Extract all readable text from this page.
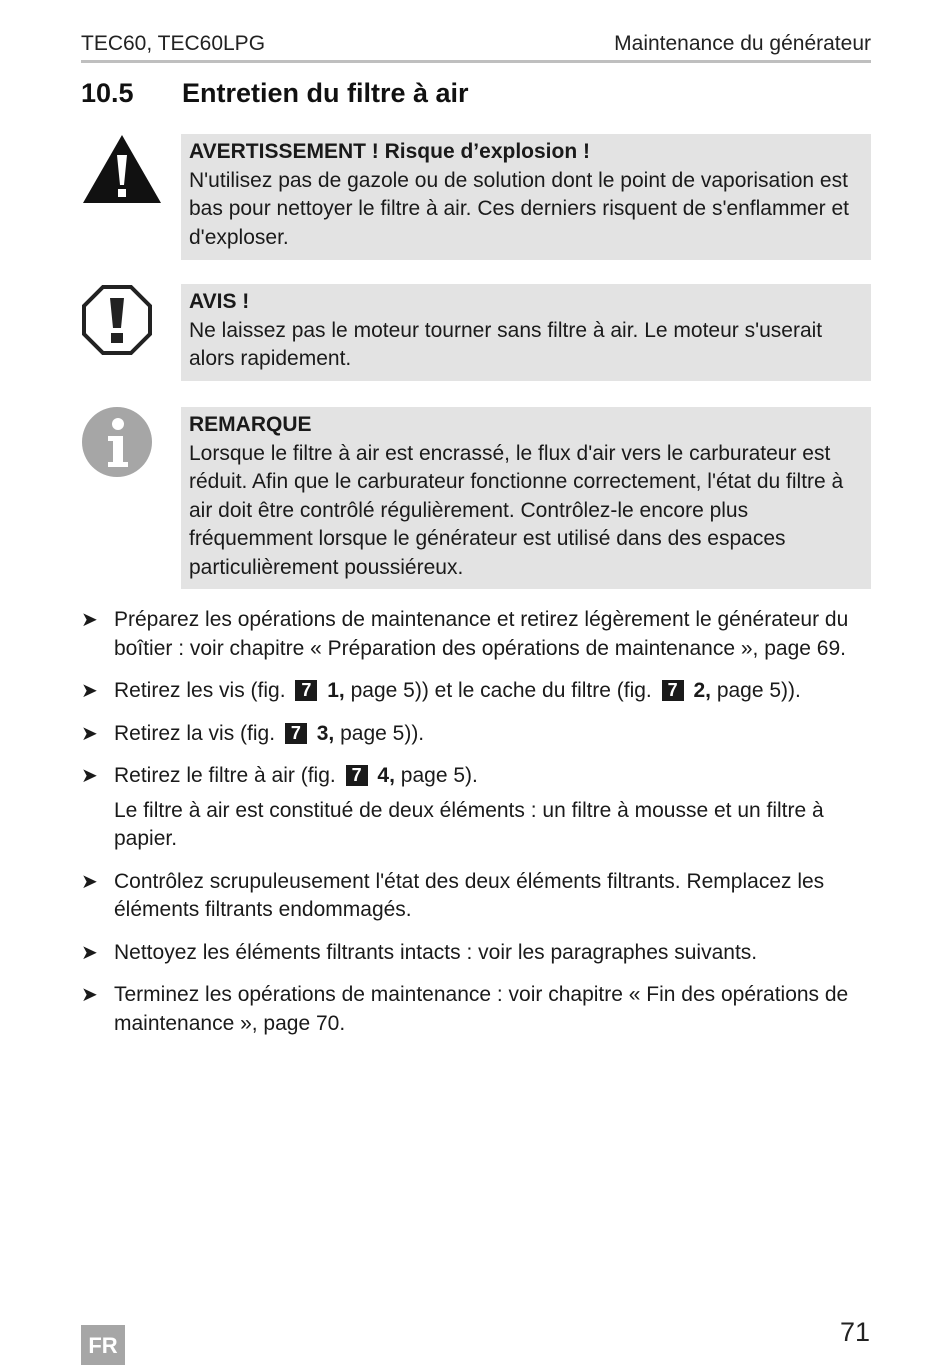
TEC60, TEC60LPG	Maintenance du générateur
10.5 Entretien du filtre à air
AVERTISSEMENT ! Risque d’explosion !
N'utilisez pas de gazole ou de solution dont le point de vaporisation est bas pour nettoyer le filtre à air. Ces derniers risquent de s'enflammer et d'exploser.
AVIS !
Ne laissez pas le moteur tourner sans filtre à air. Le moteur s'userait alors rapidement.
REMARQUE
Lorsque le filtre à air est encrassé, le flux d'air vers le carburateur est réduit. Afin que le carburateur fonctionne correctement, l'état du filtre à air doit être contrôlé régulièrement. Contrôlez-le encore plus fréquemment lorsque le générateur est utilisé dans des espaces particulièrement poussiéreux.
➤ Préparez les opérations de maintenance et retirez légèrement le générateur du boîtier : voir chapitre « Préparation des opérations de maintenance », page 69.
➤ Retirez les vis (fig. 7 1, page 5)) et le cache du filtre (fig. 7 2, page 5)).
➤ Retirez la vis (fig. 7 3, page 5)).
➤ Retirez le filtre à air (fig. 7 4, page 5).
Le filtre à air est constitué de deux éléments : un filtre à mousse et un filtre à papier.
➤ Contrôlez scrupuleusement l'état des deux éléments filtrants. Remplacez les éléments filtrants endommagés.
➤ Nettoyez les éléments filtrants intacts : voir les paragraphes suivants.
➤ Terminez les opérations de maintenance : voir chapitre « Fin des opérations de maintenance », page 70.
FR	71
